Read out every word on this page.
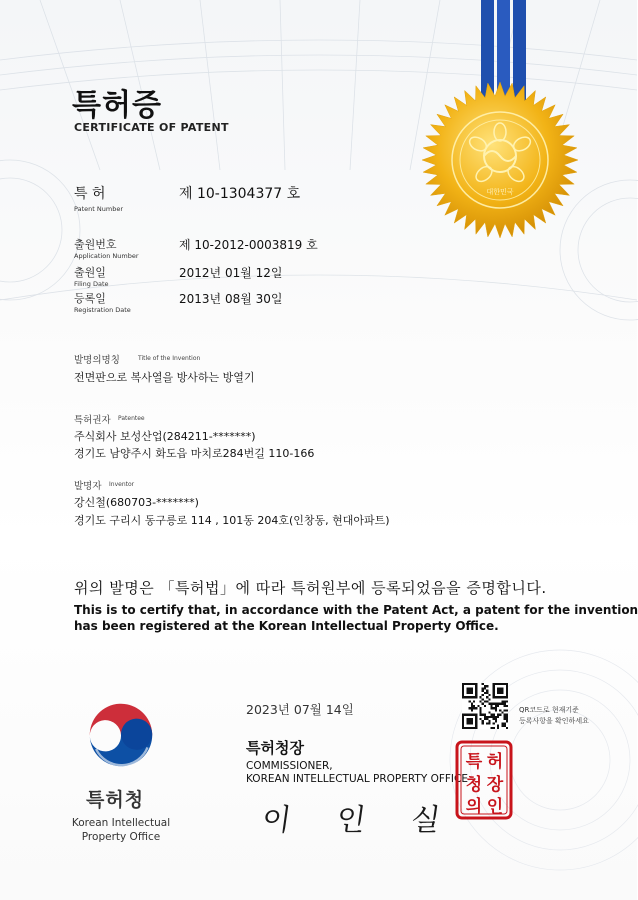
대한민국
특허증
CERTIFICATE OF PATENT
특 허
Patent Number
제 10-1304377 호
출원번호
Application Number
제 10-2012-0003819 호
출원일
Filing Date
2012년 01월 12일
등록일
Registration Date
2013년 08월 30일
발명의명칭	Title of the Invention
전면판으로 복사열을 방사하는 방열기
특허권자 Patentee
주식회사 보성산업(284211-*******)
경기도 남양주시 화도읍 마치로284번길 110-166
발명자 Inventor
강신철(680703-*******)
경기도 구리시 동구릉로 114 , 101동 204호(인창동, 현대아파트)
위의 발명은 「특허법」에 따라 특허원부에 등록되었음을 증명합니다.
This is to certify that, in accordance with the Patent Act, a patent for the invention
has been registered at the Korean Intellectual Property Office.
특허청
Korean Intellectual
Property Office
2023년 07월 14일	QR코드로 현재기준
등록사항을 확인하세요
특허청장
COMMISSIONER,
KOREAN INTELLECTUAL PROPERTY OFFICE
이 인 실
특 허
청 장
의 인
